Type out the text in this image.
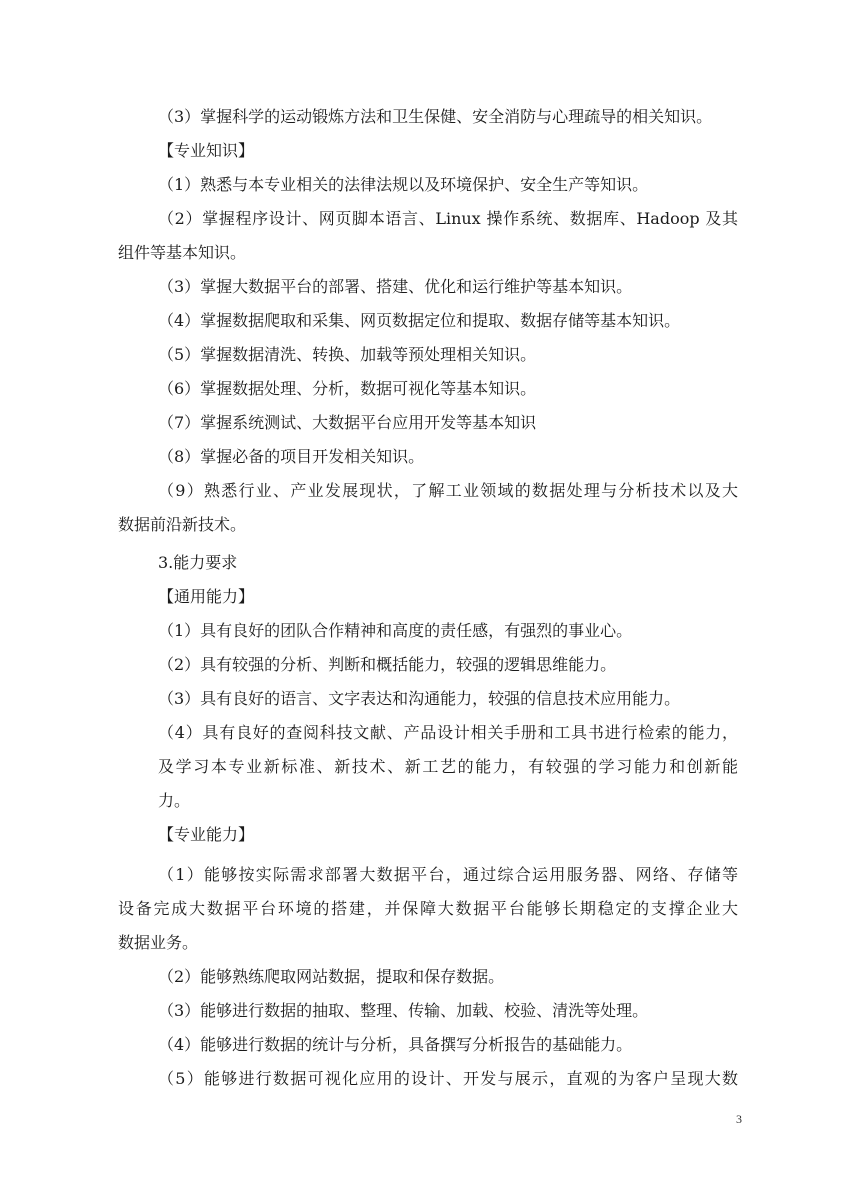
（3）掌握科学的运动锻炼方法和卫生保健、安全消防与心理疏导的相关知识。
【专业知识】
（1）熟悉与本专业相关的法律法规以及环境保护、安全生产等知识。
（2）掌握程序设计、网页脚本语言、Linux 操作系统、数据库、Hadoop 及其
组件等基本知识。
（3）掌握大数据平台的部署、搭建、优化和运行维护等基本知识。
（4）掌握数据爬取和采集、网页数据定位和提取、数据存储等基本知识。
（5）掌握数据清洗、转换、加载等预处理相关知识。
（6）掌握数据处理、分析，数据可视化等基本知识。
（7）掌握系统测试、大数据平台应用开发等基本知识
（8）掌握必备的项目开发相关知识。
（9）熟悉行业、产业发展现状，了解工业领域的数据处理与分析技术以及大
数据前沿新技术。
3.能力要求
【通用能力】
（1）具有良好的团队合作精神和高度的责任感，有强烈的事业心。
（2）具有较强的分析、判断和概括能力，较强的逻辑思维能力。
（3）具有良好的语言、文字表达和沟通能力，较强的信息技术应用能力。
（4）具有良好的查阅科技文献、产品设计相关手册和工具书进行检索的能力，
及学习本专业新标准、新技术、新工艺的能力，有较强的学习能力和创新能
力。
【专业能力】
（1）能够按实际需求部署大数据平台，通过综合运用服务器、网络、存储等
设备完成大数据平台环境的搭建，并保障大数据平台能够长期稳定的支撑企业大
数据业务。
（2）能够熟练爬取网站数据，提取和保存数据。
（3）能够进行数据的抽取、整理、传输、加载、校验、清洗等处理。
（4）能够进行数据的统计与分析，具备撰写分析报告的基础能力。
（5）能够进行数据可视化应用的设计、开发与展示，直观的为客户呈现大数
3
